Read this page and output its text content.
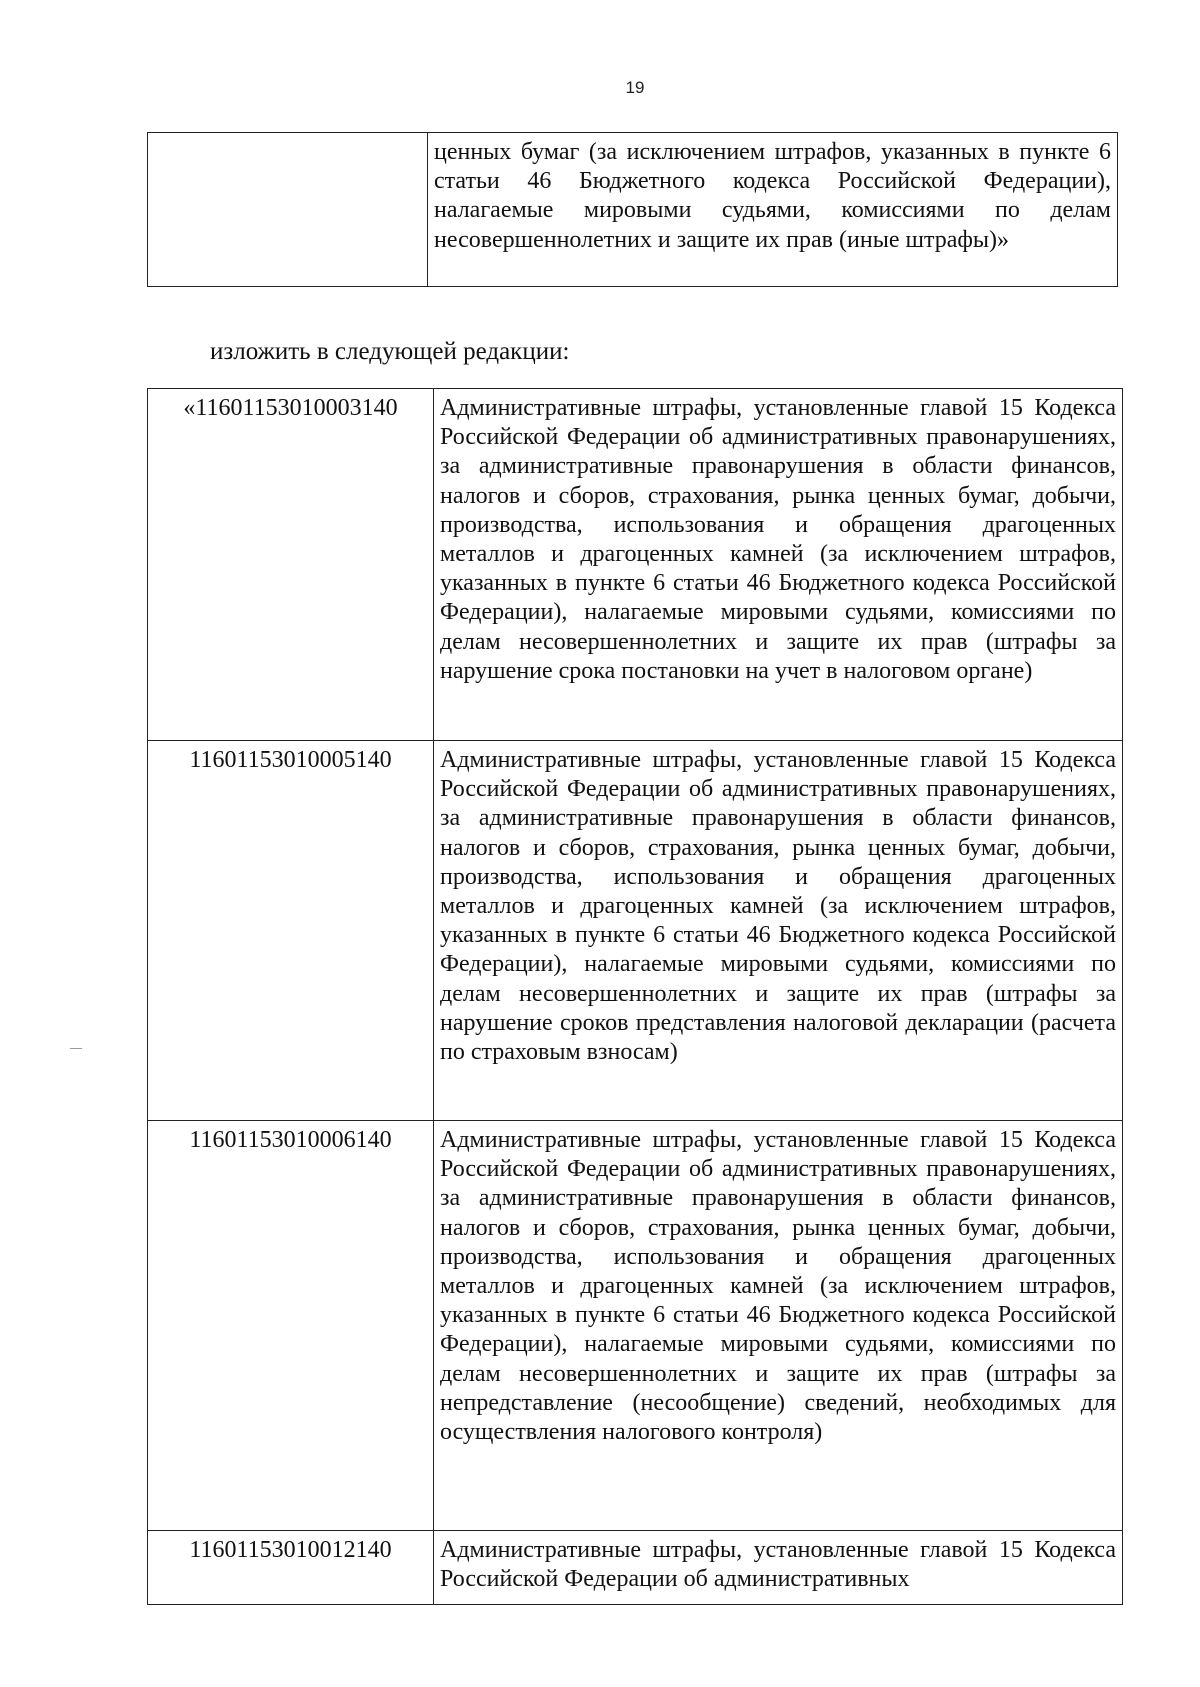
19
	ценных бумаг (за исключением штрафов, указанных в пункте 6 статьи 46 Бюджетного кодекса Российской Федерации), налагаемые мировыми судьями, комиссиями по делам несовершеннолетних и защите их прав (иные штрафы)»
изложить в следующей редакции:
«11601153010003140	Административные штрафы, установленные главой 15 Кодекса Российской Федерации об административных правонарушениях, за административные правонарушения в области финансов, налогов и сборов, страхования, рынка ценных бумаг, добычи, производства, использования и обращения драгоценных металлов и драгоценных камней (за исключением штрафов, указанных в пункте 6 статьи 46 Бюджетного кодекса Российской Федерации), налагаемые мировыми судьями, комиссиями по делам несовершеннолетних и защите их прав (штрафы за нарушение срока постановки на учет в налоговом органе)
11601153010005140	Административные штрафы, установленные главой 15 Кодекса Российской Федерации об административных правонарушениях, за административные правонарушения в области финансов, налогов и сборов, страхования, рынка ценных бумаг, добычи, производства, использования и обращения драгоценных металлов и драгоценных камней (за исключением штрафов, указанных в пункте 6 статьи 46 Бюджетного кодекса Российской Федерации), налагаемые мировыми судьями, комиссиями по делам несовершеннолетних и защите их прав (штрафы за нарушение сроков представления налоговой декларации (расчета по страховым взносам)
11601153010006140	Административные штрафы, установленные главой 15 Кодекса Российской Федерации об административных правонарушениях, за административные правонарушения в области финансов, налогов и сборов, страхования, рынка ценных бумаг, добычи, производства, использования и обращения драгоценных металлов и драгоценных камней (за исключением штрафов, указанных в пункте 6 статьи 46 Бюджетного кодекса Российской Федерации), налагаемые мировыми судьями, комиссиями по делам несовершеннолетних и защите их прав (штрафы за непредставление (несообщение) сведений, необходимых для осуществления налогового контроля)
11601153010012140	Административные штрафы, установленные главой 15 Кодекса Российской Федерации об административных
